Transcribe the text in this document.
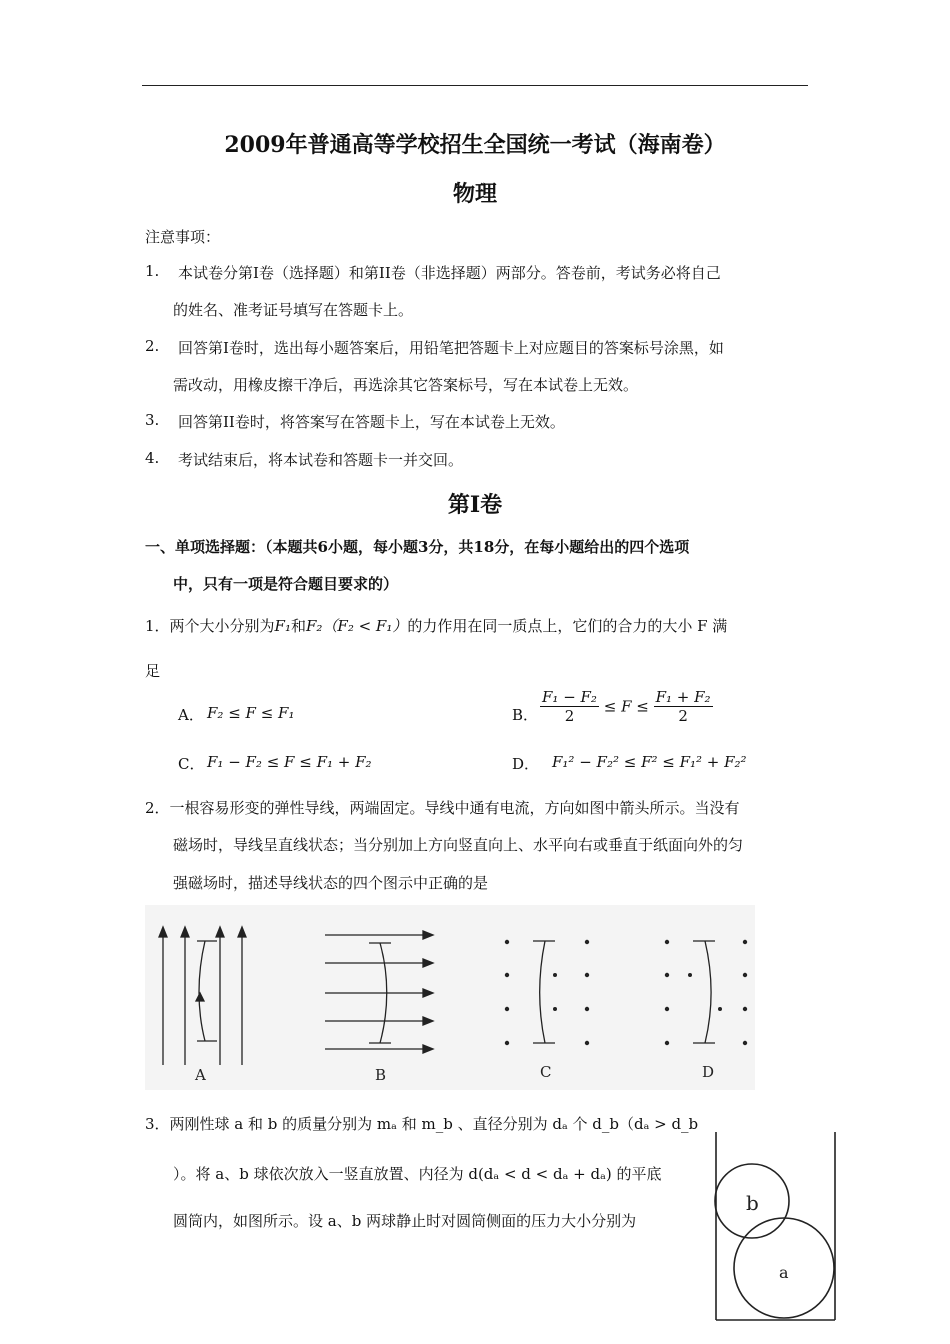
2009年普通高等学校招生全国统一考试（海南卷）
物理
注意事项：
1. 本试卷分第I卷（选择题）和第II卷（非选择题）两部分。答卷前，考试务必将自己
的姓名、准考证号填写在答题卡上。
2. 回答第I卷时，选出每小题答案后，用铅笔把答题卡上对应题目的答案标号涂黑，如
需改动，用橡皮擦干净后，再选涂其它答案标号，写在本试卷上无效。
3. 回答第II卷时，将答案写在答题卡上，写在本试卷上无效。
4. 考试结束后，将本试卷和答题卡一并交回。
第I卷
一、单项选择题：（本题共6小题，每小题3分，共18分，在每小题给出的四个选项
中，只有一项是符合题目要求的）
1．两个大小分别为F₁和F₂（F₂ < F₁）的力作用在同一质点上，它们的合力的大小 F 满
足
A． F₂ ≤ F ≤ F₁	B． $\frac{\text{F₁ − F₂}}{2} \le F \le \frac{\text{F₁ + F₂}}{2}$
C． F₁ − F₂ ≤ F ≤ F₁ + F₂	D． F₁² − F₂² ≤ F² ≤ F₁² + F₂²
2．一根容易形变的弹性导线，两端固定。导线中通有电流，方向如图中箭头所示。当没有
磁场时，导线呈直线状态；当分别加上方向竖直向上、水平向右或垂直于纸面向外的匀
强磁场时，描述导线状态的四个图示中正确的是
A	B	C	D
3．两刚性球 a 和 b 的质量分别为 mₐ 和 m_b 、直径分别为 dₐ 个 d_b（dₐ > d_b
）。将 a、b 球依次放入一竖直放置、内径为 d(dₐ < d < dₐ + dₐ) 的平底
圆筒内，如图所示。设 a、b 两球静止时对圆筒侧面的压力大小分别为
b
a
